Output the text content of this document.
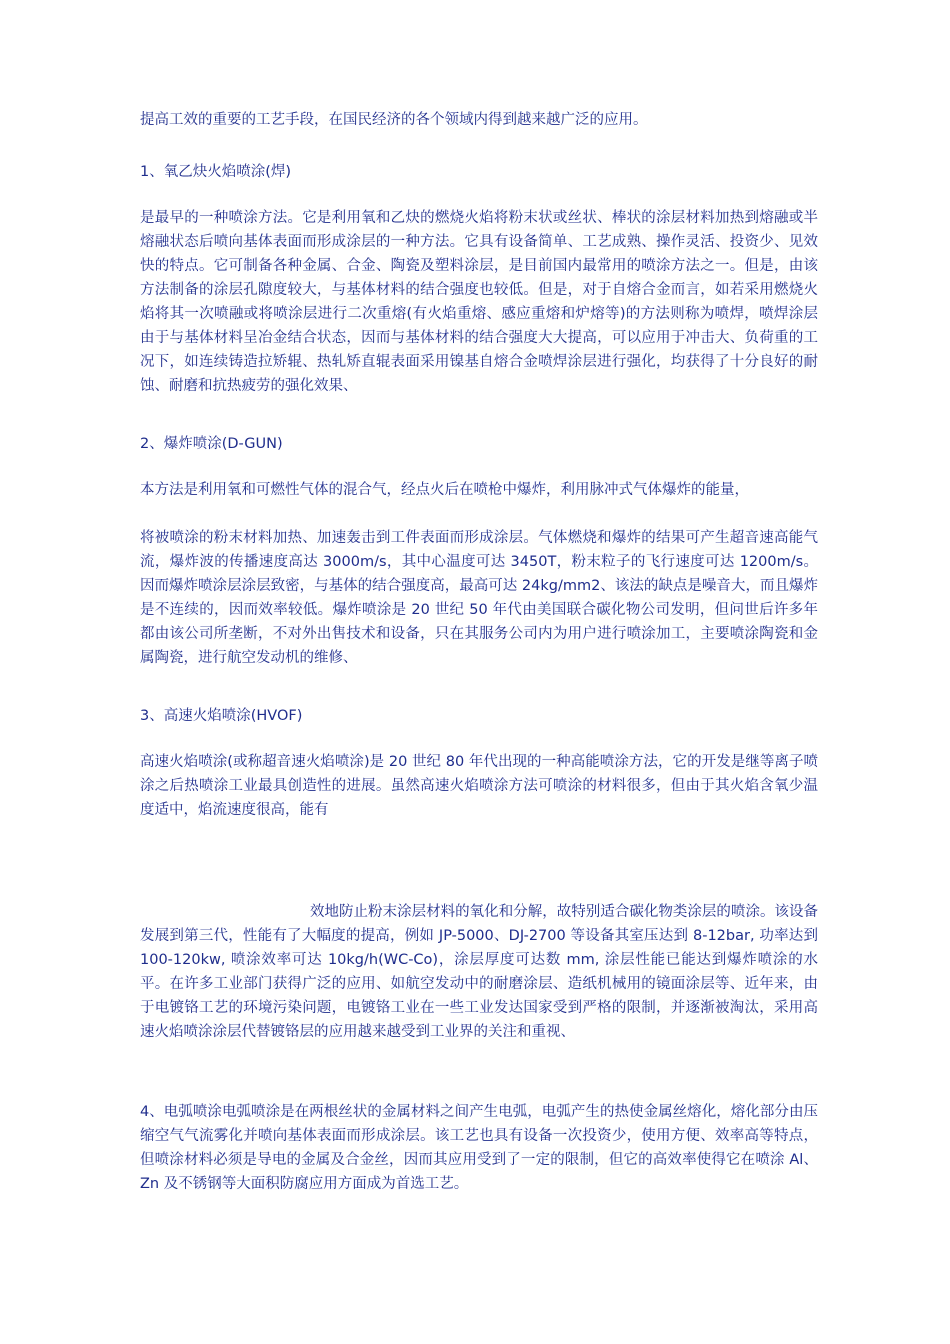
提高工效的重要的工艺手段，在国民经济的各个领域内得到越来越广泛的应用。

1、氧乙炔火焰喷涂(焊)

是最早的一种喷涂方法。它是利用氧和乙炔的燃烧火焰将粉末状或丝状、棒状的涂层材料加热到熔融或半熔融状态后喷向基体表面而形成涂层的一种方法。它具有设备简单、工艺成熟、操作灵活、投资少、见效快的特点。它可制备各种金属、合金、陶瓷及塑料涂层，是目前国内最常用的喷涂方法之一。但是，由该方法制备的涂层孔隙度较大，与基体材料的结合强度也较低。但是，对于自熔合金而言，如若采用燃烧火焰将其一次喷融或将喷涂层进行二次重熔(有火焰重熔、感应重熔和炉熔等)的方法则称为喷焊，喷焊涂层由于与基体材料呈冶金结合状态，因而与基体材料的结合强度大大提高，可以应用于冲击大、负荷重的工况下，如连续铸造拉矫辊、热轧矫直辊表面采用镍基自熔合金喷焊涂层进行强化，均获得了十分良好的耐蚀、耐磨和抗热疲劳的强化效果、

2、爆炸喷涂(D-GUN)

本方法是利用氧和可燃性气体的混合气，经点火后在喷枪中爆炸，利用脉冲式气体爆炸的能量，

将被喷涂的粉末材料加热、加速轰击到工件表面而形成涂层。气体燃烧和爆炸的结果可产生超音速高能气流，爆炸波的传播速度高达 3000m/s，其中心温度可达 3450T，粉末粒子的飞行速度可达 1200m/s。因而爆炸喷涂层涂层致密，与基体的结合强度高，最高可达 24kg/mm2、该法的缺点是噪音大，而且爆炸是不连续的，因而效率较低。爆炸喷涂是 20 世纪 50 年代由美国联合碳化物公司发明，但问世后许多年都由该公司所垄断，不对外出售技术和设备，只在其服务公司内为用户进行喷涂加工，主要喷涂陶瓷和金属陶瓷，进行航空发动机的维修、

3、高速火焰喷涂(HVOF)

高速火焰喷涂(或称超音速火焰喷涂)是 20 世纪 80 年代出现的一种高能喷涂方法，它的开发是继等离子喷涂之后热喷涂工业最具创造性的进展。虽然高速火焰喷涂方法可喷涂的材料很多，但由于其火焰含氧少温度适中，焰流速度很高，能有

效地防止粉末涂层材料的氧化和分解，故特别适合碳化物类涂层的喷涂。该设备发展到第三代，性能有了大幅度的提高，例如 JP-5000、DJ-2700 等设备其室压达到 8-12bar, 功率达到 100-120kw, 喷涂效率可达 10kg/h(WC-Co)，涂层厚度可达数 mm, 涂层性能已能达到爆炸喷涂的水平。在许多工业部门获得广泛的应用、如航空发动中的耐磨涂层、造纸机械用的镜面涂层等、近年来，由于电镀铬工艺的环境污染问题，电镀铬工业在一些工业发达国家受到严格的限制，并逐渐被淘汰，采用高速火焰喷涂涂层代替镀铬层的应用越来越受到工业界的关注和重视、

4、电弧喷涂电弧喷涂是在两根丝状的金属材料之间产生电弧，电弧产生的热使金属丝熔化，熔化部分由压缩空气气流雾化并喷向基体表面而形成涂层。该工艺也具有设备一次投资少，使用方便、效率高等特点，但喷涂材料必须是导电的金属及合金丝，因而其应用受到了一定的限制，但它的高效率使得它在喷涂 Al、Zn 及不锈钢等大面积防腐应用方面成为首选工艺。
